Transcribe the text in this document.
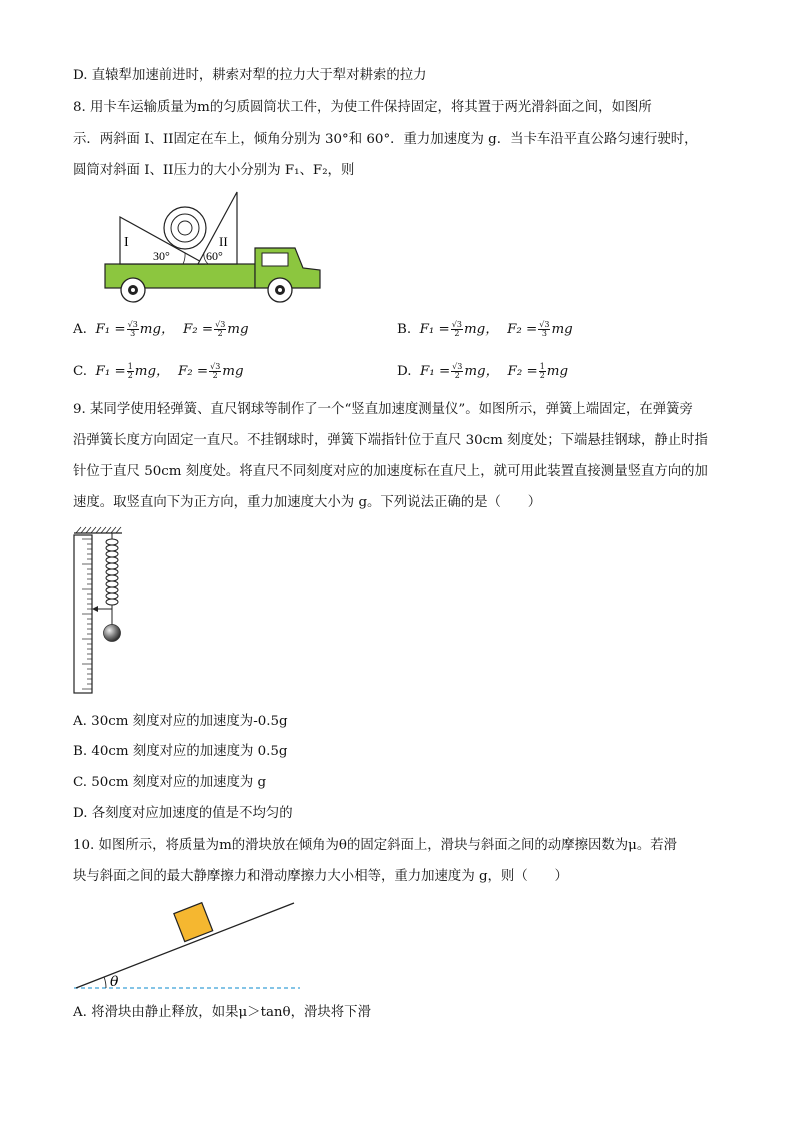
D. 直辕犁加速前进时，耕索对犁的拉力大于犁对耕索的拉力
8. 用卡车运输质量为m的匀质圆筒状工件，为使工件保持固定，将其置于两光滑斜面之间，如图所
示．两斜面 I、II固定在车上，倾角分别为 30°和 60°．重力加速度为 g．当卡车沿平直公路匀速行驶时，
圆筒对斜面 I、II压力的大小分别为 F₁、F₂，则
I	II
30°	60°
A. $F_1 = \frac{√3}{3}$ mg， $F_2 = \frac{√3}{2}$ mg	B. $F_1 = \frac{√3}{2}$ mg， $F_2 = \frac{√3}{3}$ mg
C. $F_1 = \frac{1}{2}$ mg， $F_2 = \frac{√3}{2}$ mg	D. $F_1 = \frac{√3}{2}$ mg， $F_2 = \frac{1}{2}$ mg
9. 某同学使用轻弹簧、直尺钢球等制作了一个“竖直加速度测量仪”。如图所示，弹簧上端固定，在弹簧旁
沿弹簧长度方向固定一直尺。不挂钢球时，弹簧下端指针位于直尺 30cm 刻度处；下端悬挂钢球，静止时指
针位于直尺 50cm 刻度处。将直尺不同刻度对应的加速度标在直尺上，就可用此装置直接测量竖直方向的加
速度。取竖直向下为正方向，重力加速度大小为 g。下列说法正确的是（　　）
A. 30cm 刻度对应的加速度为-0.5g
B. 40cm 刻度对应的加速度为 0.5g
C. 50cm 刻度对应的加速度为 g
D. 各刻度对应加速度的值是不均匀的
10. 如图所示，将质量为m的滑块放在倾角为θ的固定斜面上，滑块与斜面之间的动摩擦因数为μ。若滑
块与斜面之间的最大静摩擦力和滑动摩擦力大小相等，重力加速度为 g，则（　　）
θ
A. 将滑块由静止释放，如果μ＞tanθ，滑块将下滑
